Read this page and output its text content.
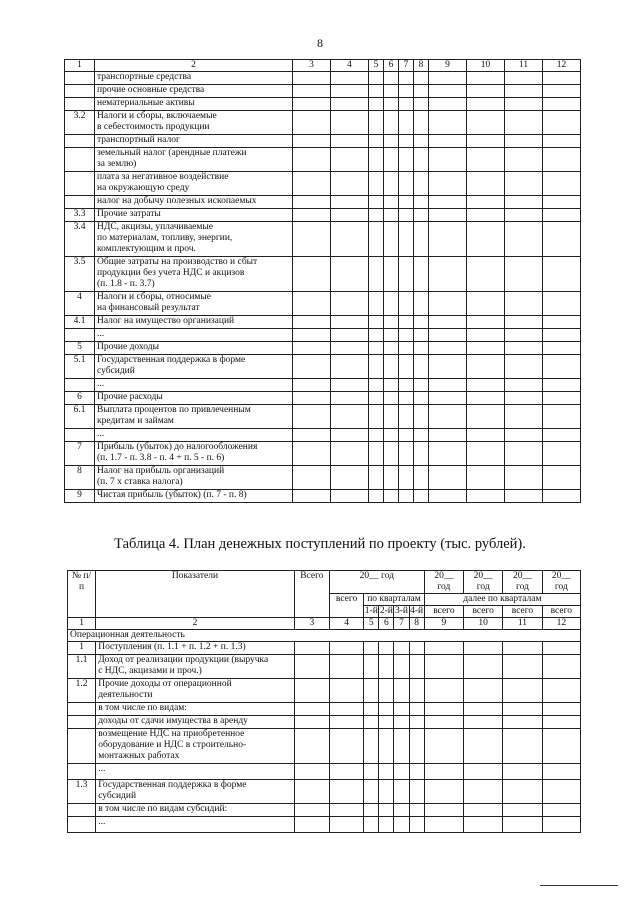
8
1	2	3	4	5	6	7	8	9	10	11	12

	транспортные средства										

	прочие основные средства										

	нематериальные активы										

3.2	Налоги и сборы, включаемые
в себестоимость продукции										

	транспортный налог										

	земельный налог (арендные платежи
за землю)										

	плата за негативное воздействие
на окружающую среду										

	налог на добычу полезных ископаемых										

3.3	Прочие затраты										

3.4	НДС, акцизы, уплачиваемые
по материалам, топливу, энергии,
комплектующим и проч.										

3.5	Общие затраты на производство и сбыт
продукции без учета НДС и акцизов
(п. 1.8 - п. 3.7)										

4	Налоги и сборы, относимые
на финансовый результат										

4.1	Налог на имущество организаций										

	...										

5	Прочие доходы										

5.1	Государственная поддержка в форме
субсидий										

	...										

6	Прочие расходы										

6.1	Выплата процентов по привлеченным
кредитам и займам										

	...										

7	Прибыль (убыток) до налогообложения
(п. 1.7 - п. 3.8 - п. 4 + п. 5 - п. 6)										

8	Налог на прибыль организаций
(п. 7 х ставка налога)										

9	Чистая прибыль (убыток) (п. 7 - п. 8)										

Таблица 4. План денежных поступлений по проекту (тыс. рублей).
№ п/п	Показатели	Всего	20__ год					20__ год	20__ год	20__ год	20__ год
			всего	по кварталам				далее по кварталам			
				1-й	2-й	3-й	4-й	всего	всего	всего	всего
1	2	3	4	5	6	7	8	9	10	11	12
Операционная деятельность											
1	Поступления (п. 1.1 + п. 1.2 + п. 1.3)										

1.1	Доход от реализации продукции (выручка
с НДС, акцизами и проч.)										

1.2	Прочие доходы от операционной
деятельности										

	в том числе по видам:										

	доходы от сдачи имущества в аренду										

	возмещение НДС на приобретенное
оборудование и НДС в строительно-
монтажных работах										

	...										

1.3	Государственная поддержка в форме
субсидий										

	в том числе по видам субсидий:										

	...										
